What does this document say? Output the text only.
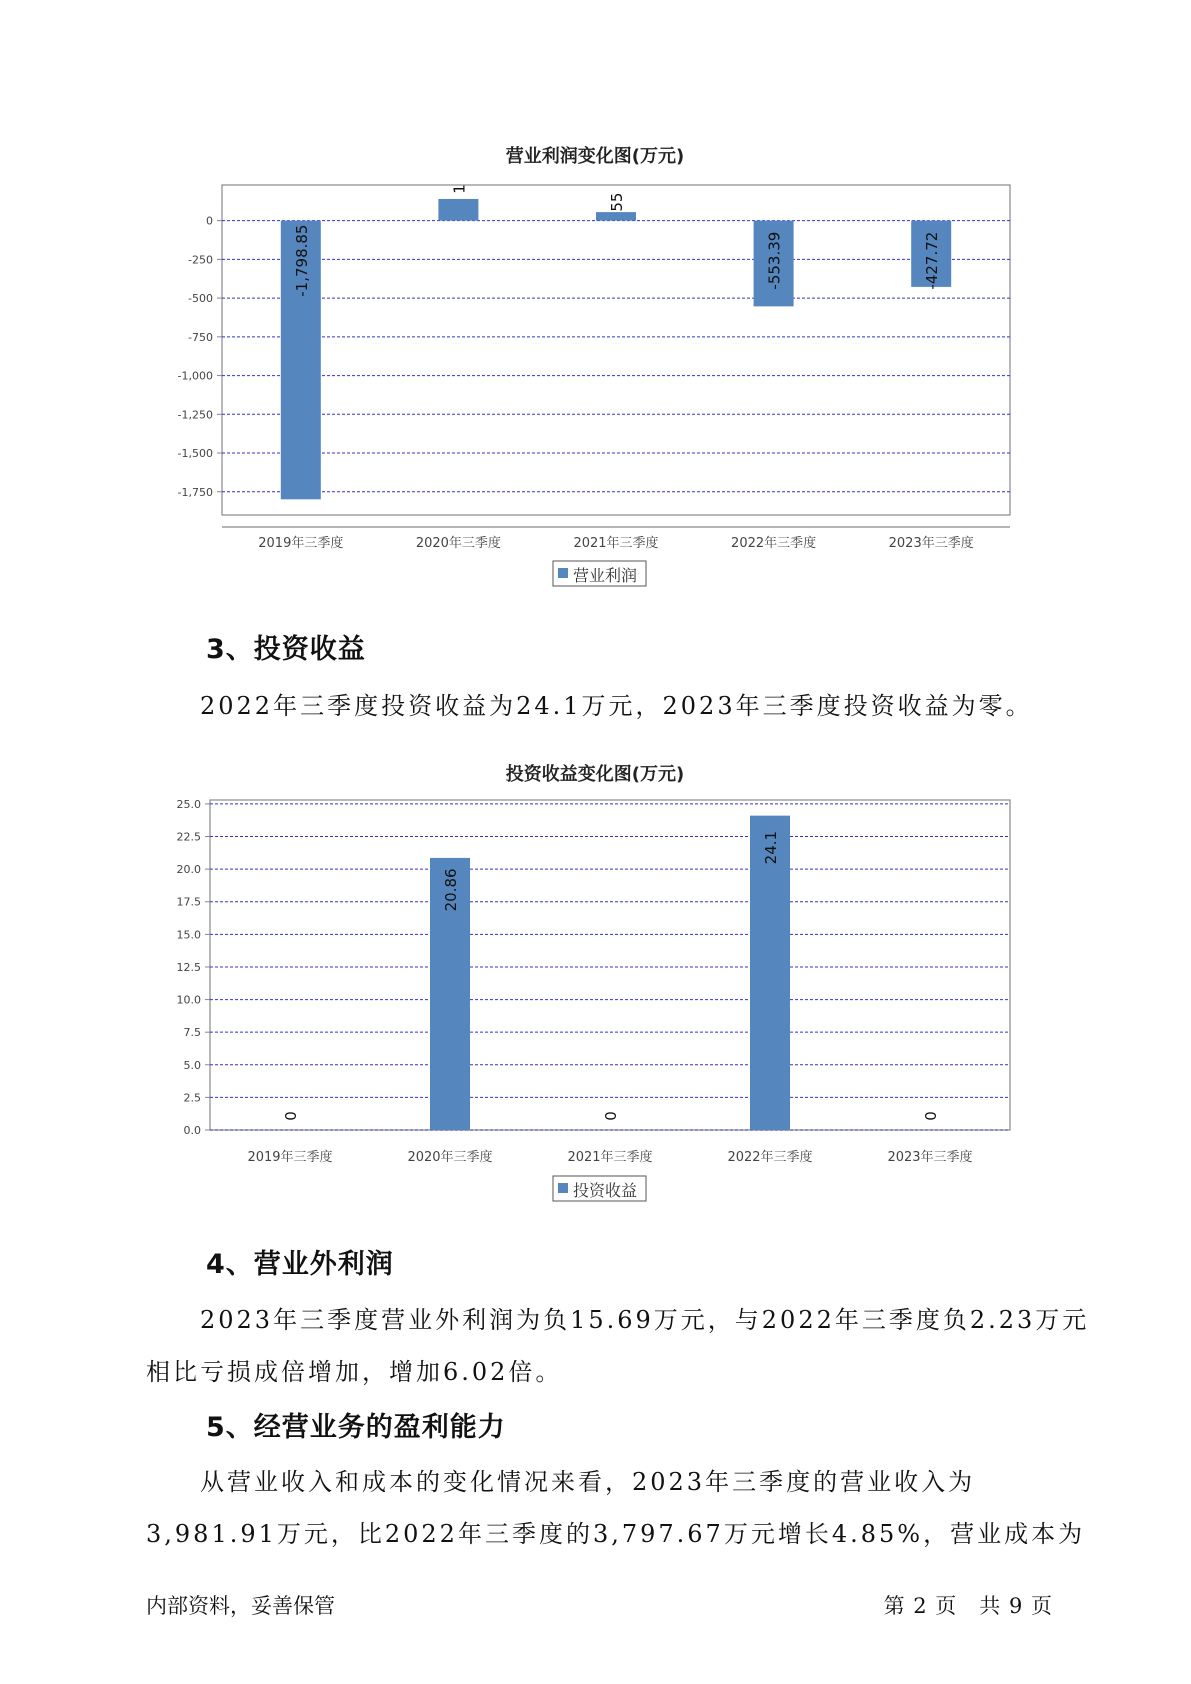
营业利润变化图(万元)
0
-250
-500
-750
-1,000
-1,250
-1,500
-1,750
-1,798.85
1
55
-553.39	-427.72
2019年三季度	2020年三季度	2021年三季度	2022年三季度	2023年三季度
营业利润
3、投资收益

2022年三季度投资收益为24.1万元，2023年三季度投资收益为零。

投资收益变化图(万元)
0.0
2.5
5.0
7.5
10.0
12.5
15.0
17.5
20.0
22.5
25.0
0
20.86
0
24.1
0
2019年三季度	2020年三季度	2021年三季度	2022年三季度	2023年三季度
投资收益
4、营业外利润

2023年三季度营业外利润为负15.69万元，与2022年三季度负2.23万元
相比亏损成倍增加，增加6.02倍。

5、经营业务的盈利能力

从营业收入和成本的变化情况来看，2023年三季度的营业收入为
3,981.91万元，比2022年三季度的3,797.67万元增长4.85%，营业成本为

内部资料，妥善保管	第 2 页　共 9 页
